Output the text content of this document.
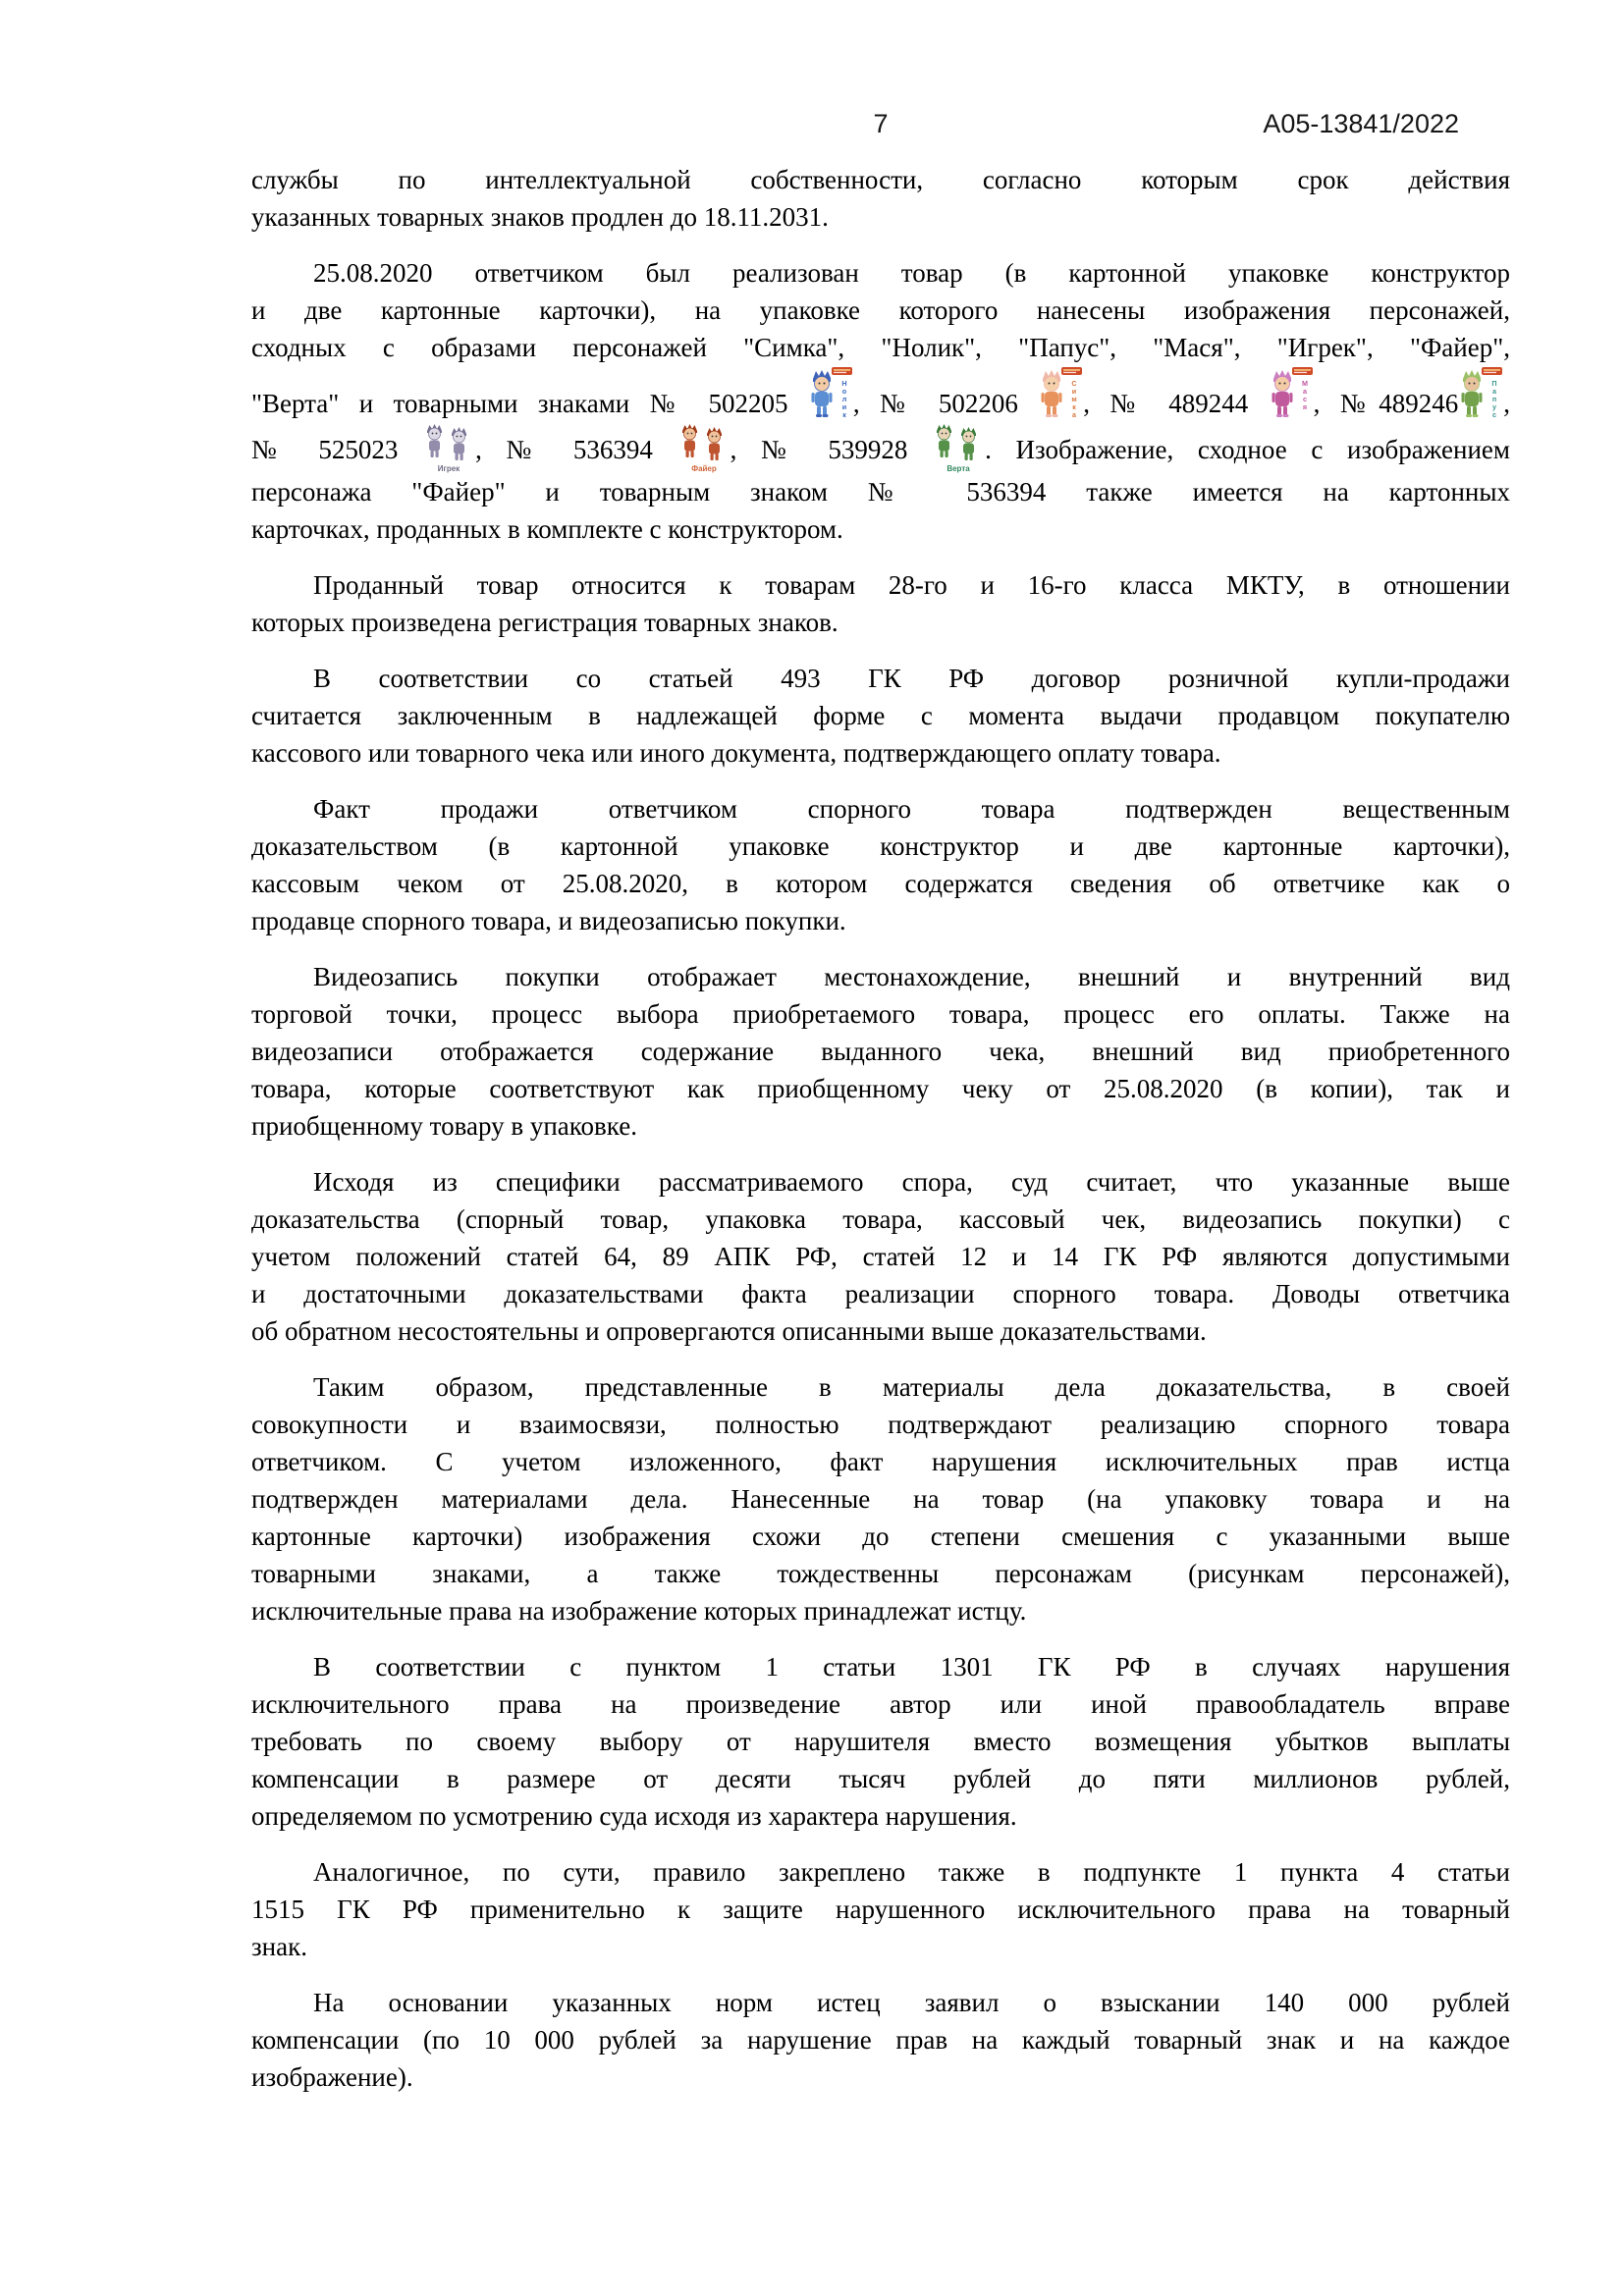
7	А05-13841/2022
службы по интеллектуальной собственности, согласно которым срок действия
указанных товарных знаков продлен до 18.11.2031.
25.08.2020 ответчиком был реализован товар (в картонной упаковке конструктор
и две картонные карточки), на упаковке которого нанесены изображения персонажей,
сходных с образами персонажей "Симка", "Нолик", "Папус", "Мася", "Игрек", "Файер",
"Верта" и товарными знаками № 502205
Н
о
л
и
к , № 502206
С
и
м
к
а , № 489244
М
а
с
я , №489246
П
а
п
у
с ,
№ 525023
Игрек
, № 536394
Файер
, № 539928
Верта
. Изображение, сходное с изображением
персонажа "Файер" и товарным знаком № 536394 также имеется на картонных
карточках, проданных в комплекте с конструктором.
Проданный товар относится к товарам 28-го и 16-го класса МКТУ, в отношении
которых произведена регистрация товарных знаков.
В соответствии со статьей 493 ГК РФ договор розничной купли-продажи
считается заключенным в надлежащей форме с момента выдачи продавцом покупателю
кассового или товарного чека или иного документа, подтверждающего оплату товара.
Факт продажи ответчиком спорного товара подтвержден вещественным
доказательством (в картонной упаковке конструктор и две картонные карточки),
кассовым чеком от 25.08.2020, в котором содержатся сведения об ответчике как о
продавце спорного товара, и видеозаписью покупки.
Видеозапись покупки отображает местонахождение, внешний и внутренний вид
торговой точки, процесс выбора приобретаемого товара, процесс его оплаты. Также на
видеозаписи отображается содержание выданного чека, внешний вид приобретенного
товара, которые соответствуют как приобщенному чеку от 25.08.2020 (в копии), так и
приобщенному товару в упаковке.
Исходя из специфики рассматриваемого спора, суд считает, что указанные выше
доказательства (спорный товар, упаковка товара, кассовый чек, видеозапись покупки) с
учетом положений статей 64, 89 АПК РФ, статей 12 и 14 ГК РФ являются допустимыми
и достаточными доказательствами факта реализации спорного товара. Доводы ответчика
об обратном несостоятельны и опровергаются описанными выше доказательствами.
Таким образом, представленные в материалы дела доказательства, в своей
совокупности и взаимосвязи, полностью подтверждают реализацию спорного товара
ответчиком. С учетом изложенного, факт нарушения исключительных прав истца
подтвержден материалами дела. Нанесенные на товар (на упаковку товара и на
картонные карточки) изображения схожи до степени смешения с указанными выше
товарными знаками, а также тождественны персонажам (рисункам персонажей),
исключительные права на изображение которых принадлежат истцу.
В соответствии с пунктом 1 статьи 1301 ГК РФ в случаях нарушения
исключительного права на произведение автор или иной правообладатель вправе
требовать по своему выбору от нарушителя вместо возмещения убытков выплаты
компенсации в размере от десяти тысяч рублей до пяти миллионов рублей,
определяемом по усмотрению суда исходя из характера нарушения.
Аналогичное, по сути, правило закреплено также в подпункте 1 пункта 4 статьи
1515 ГК РФ применительно к защите нарушенного исключительного права на товарный
знак.
На основании указанных норм истец заявил о взыскании 140 000 рублей
компенсации (по 10 000 рублей за нарушение прав на каждый товарный знак и на каждое
изображение).
